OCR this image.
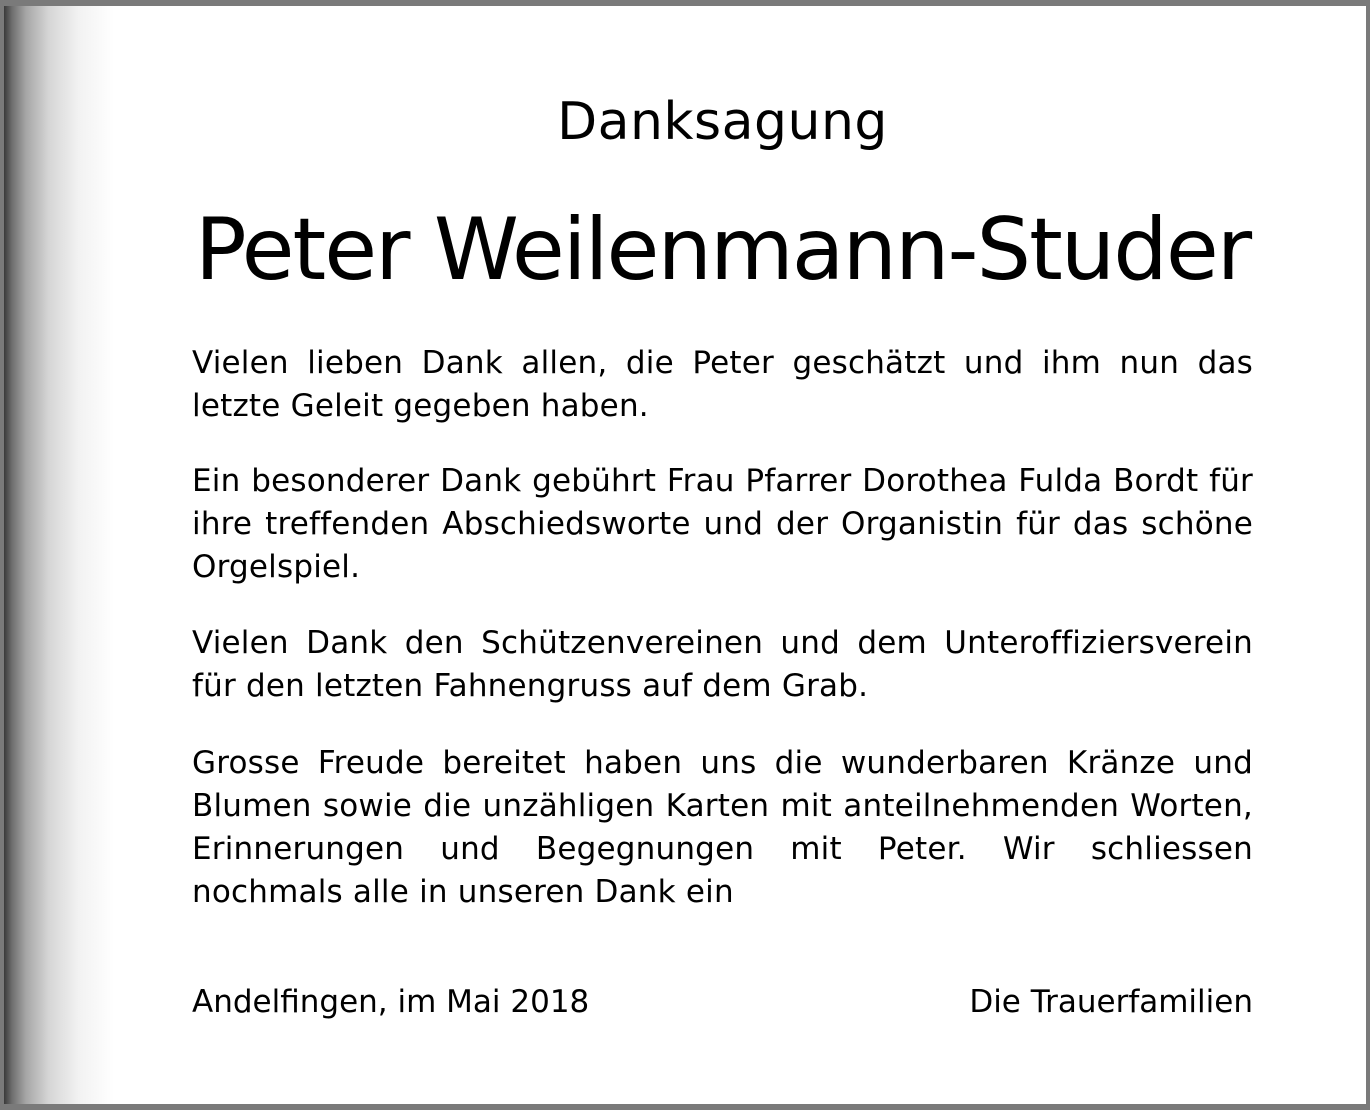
Danksagung
Peter Weilenmann-Studer

Vielen lieben Dank allen, die Peter geschätzt und ihm nun das letzte Geleit gegeben haben.

Ein besonderer Dank gebührt Frau Pfarrer Dorothea Fulda Bordt für ihre treffenden Abschiedsworte und der Organistin für das schöne Orgelspiel.

Vielen Dank den Schützenvereinen und dem Unteroffiziersverein für den letzten Fahnengruss auf dem Grab.

Grosse Freude bereitet haben uns die wunderbaren Kränze und Blumen sowie die unzähligen Karten mit anteilnehmenden Worten, Erinnerungen und Begegnungen mit Peter. Wir schliessen nochmals alle in unseren Dank ein

Andelfingen, im Mai 2018	Die Trauerfamilien
